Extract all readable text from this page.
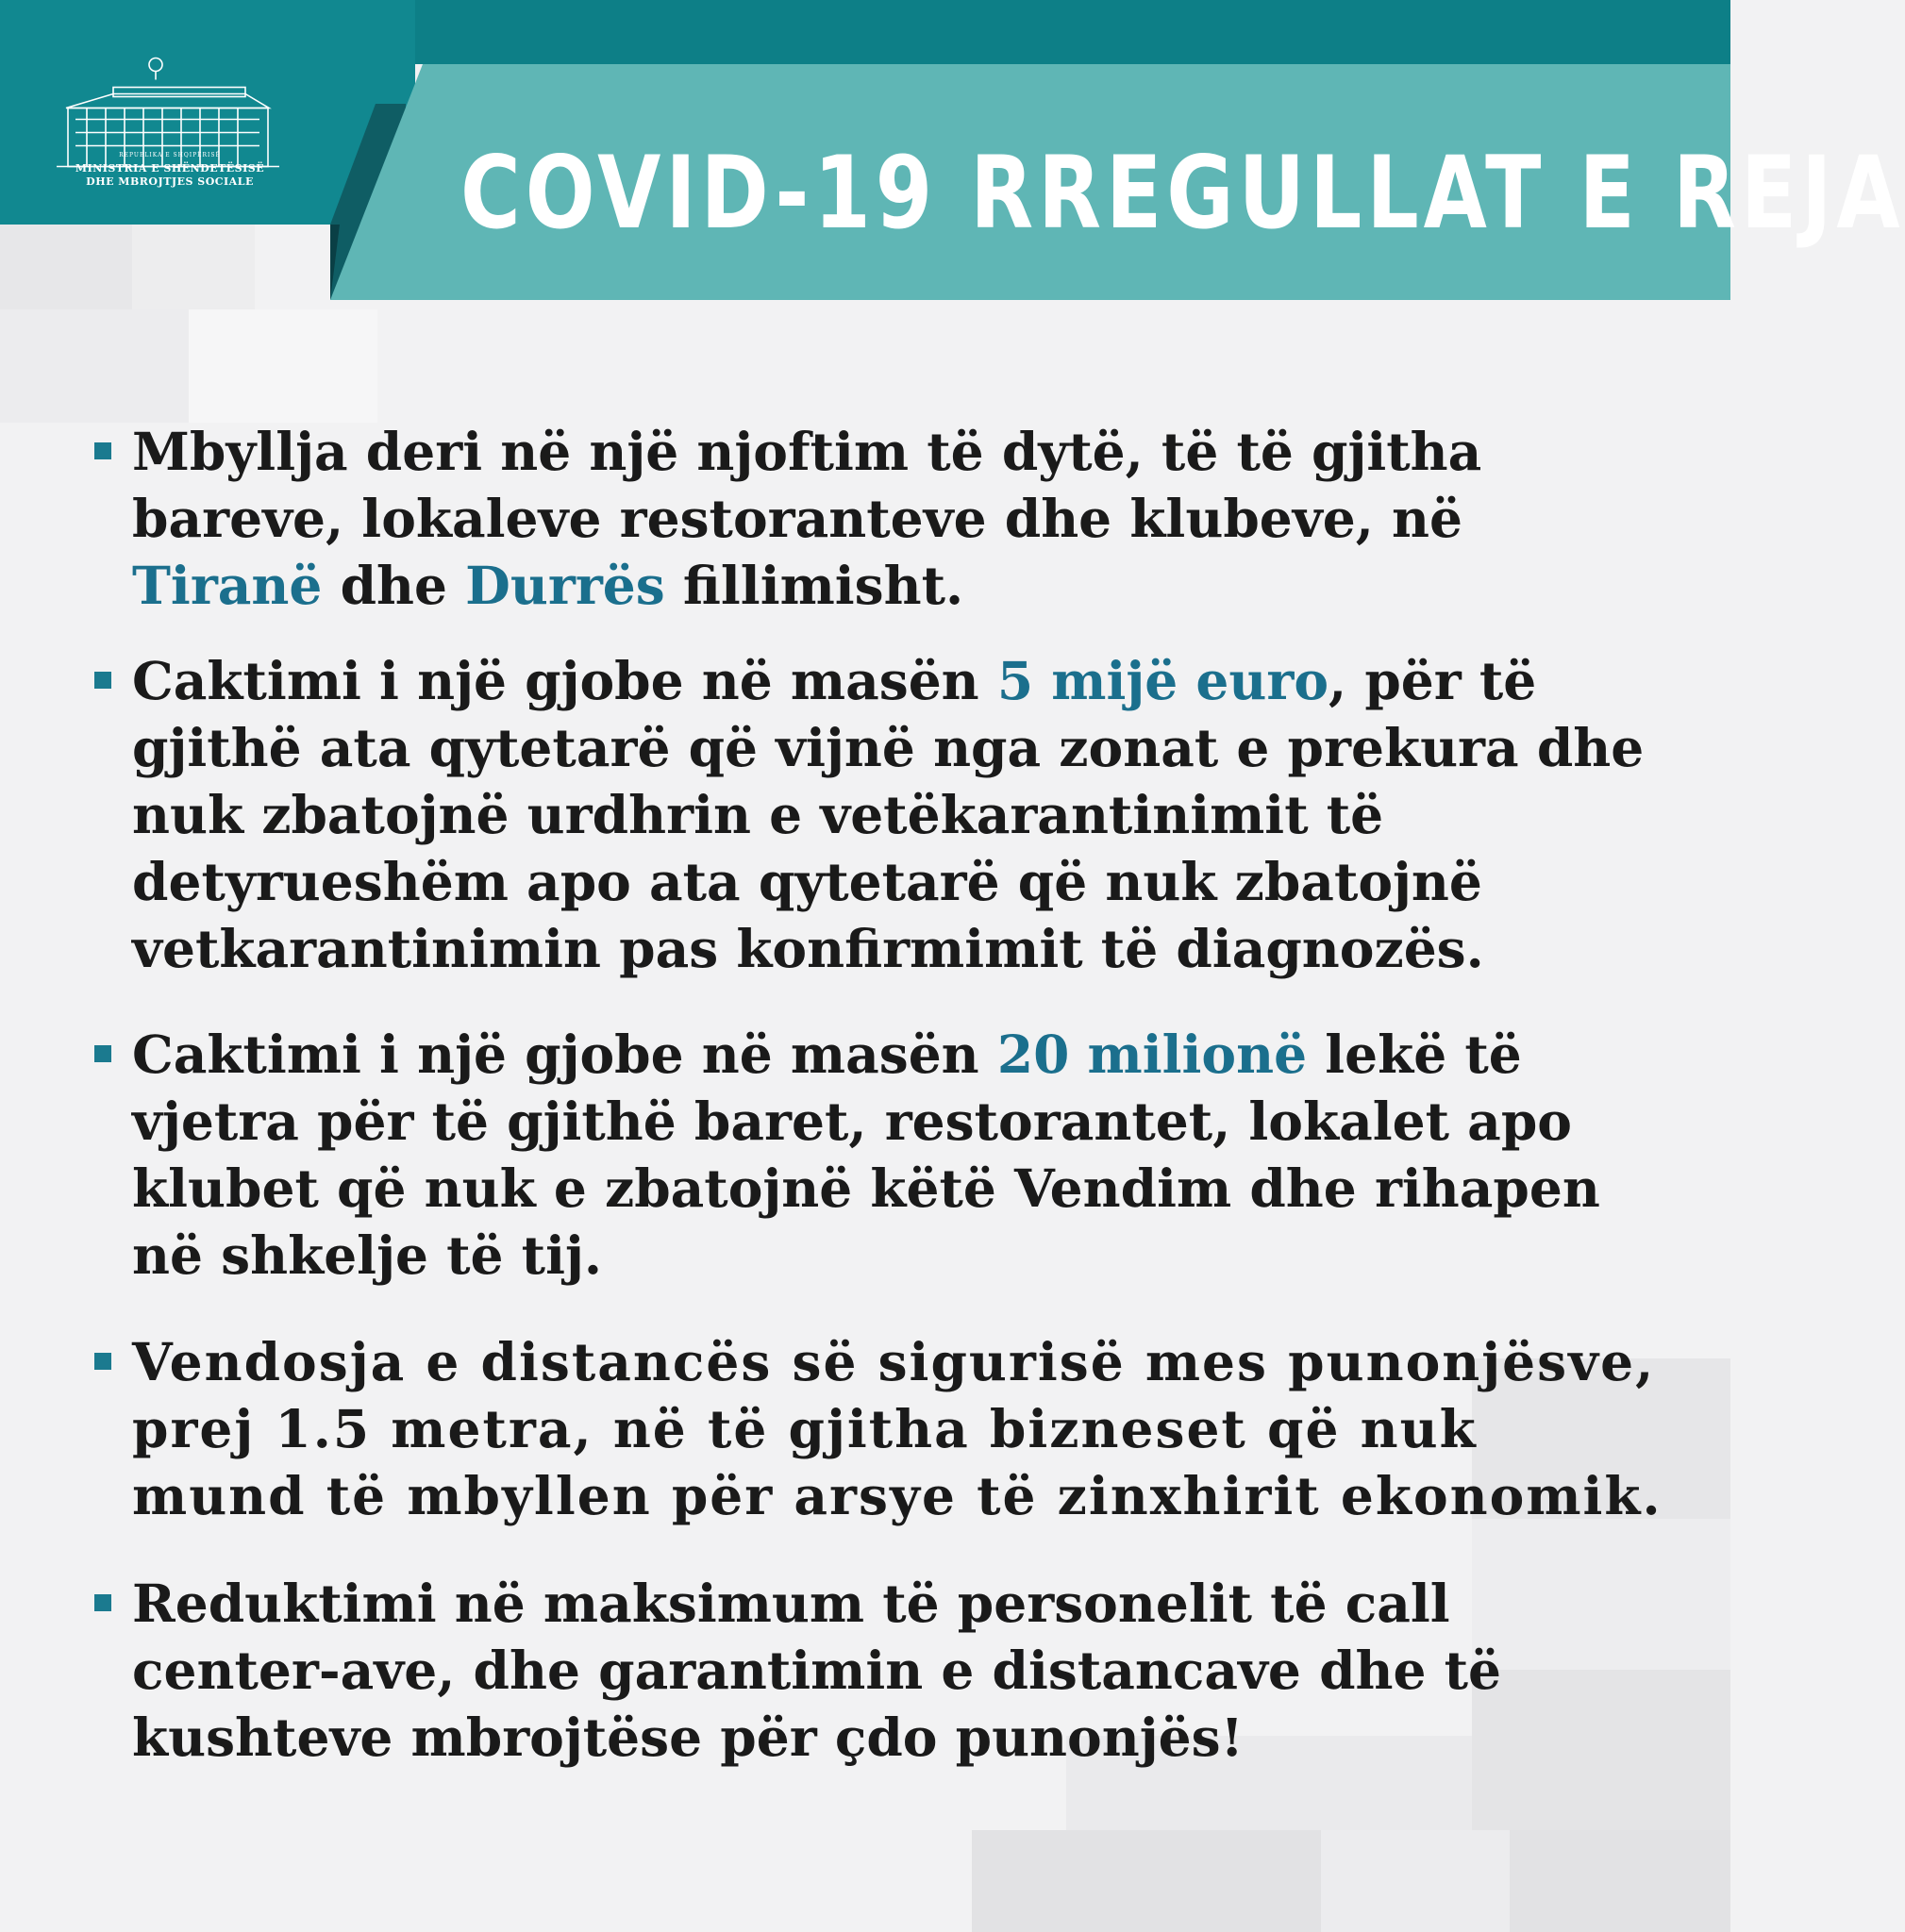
COVID-19 RREGULLAT E REJA
REPUBLIKA E SHQIPËRISË
MINISTRIA E SHËNDETËSISË
DHE MBROJTJES SOCIALE
Mbyllja deri në një njoftim të dytë, të të gjitha
bareve, lokaleve restoranteve dhe klubeve, në
Tiranë dhe Durrës fillimisht.
Caktimi i një gjobe në masën 5 mijë euro, për të
gjithë ata qytetarë që vijnë nga zonat e prekura dhe
nuk zbatojnë urdhrin e vetëkarantinimit të
detyrueshëm apo ata qytetarë që nuk zbatojnë
vetkarantinimin pas konfirmimit të diagnozës.
Caktimi i një gjobe në masën 20 milionë lekë të
vjetra për të gjithë baret, restorantet, lokalet apo
klubet që nuk e zbatojnë këtë Vendim dhe rihapen
në shkelje të tij.
Vendosja e distancës së sigurisë mes punonjësve,
prej 1.5 metra, në të gjitha bizneset që nuk
mund të mbyllen për arsye të zinxhirit ekonomik.
Reduktimi në maksimum të personelit të call
center-ave, dhe garantimin e distancave dhe të
kushteve mbrojtëse për çdo punonjës!
